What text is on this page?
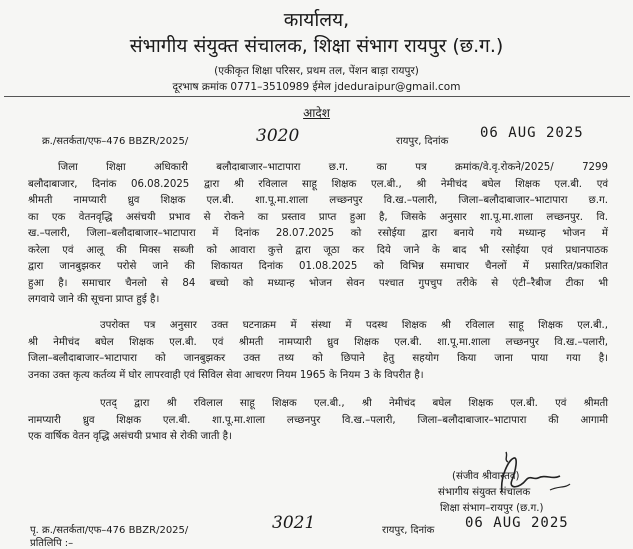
कार्यालय,
संभागीय संयुक्त संचालक, शिक्षा संभाग रायपुर (छ.ग.)
(एकीकृत शिक्षा परिसर, प्रथम तल, पेंशन बाड़ा रायपुर)
दूरभाष क्रमांक 0771–3510989 ईमेल jdeduraipur@gmail.com
आदेश
क्र./सतर्कता/एफ–476 BBZR/2025/	3020	रायपुर, दिनांक
06 AUG 2025
जिला शिक्षा अधिकारी बलौदाबाजार–भाटापारा छ.ग. का पत्र क्रमांक/वे.वृ.रोकने/2025/ 7299
बलौदाबाजार, दिनांक 06.08.2025 द्वारा श्री रविलाल साहू शिक्षक एल.बी., श्री नेमीचंद बघेल शिक्षक एल.बी. एवं
श्रीमती नामप्यारी ध्रुव शिक्षक एल.बी. शा.पू.मा.शाला लच्छनपुर वि.ख.–पलारी, जिला–बलौदाबाजार–भाटापारा छ.ग.
का एक वेतनवृद्धि असंचयी प्रभाव से रोकने का प्रस्ताव प्राप्त हुआ है, जिसके अनुसार शा.पू.मा.शाला लच्छनपुर. वि.
ख.–पलारी, जिला–बलौदाबाजार–भाटापारा में दिनांक 28.07.2025 को रसोईया द्वारा बनाये गये मध्यान्ह भोजन में
करेला एवं आलू की मिक्स सब्जी को आवारा कुत्ते द्वारा जूठा कर दिये जाने के बाद भी रसोईया एवं प्रधानपाठक
द्वारा जानबुझकर परोसे जाने की शिकायत दिनांक 01.08.2025 को विभिन्न समाचार चैनलों में प्रसारित/प्रकाशित
हुआ है। समाचार चैनलो से 84 बच्चो को मध्यान्ह भोजन सेवन पश्चात गुपचुप तरीके से एंटी–रैबीज टीका भी
लगवाये जाने की सूचना प्राप्त हुई है।
उपरोक्त पत्र अनुसार उक्त घटनाक्रम में संस्था में पदस्थ शिक्षक श्री रविलाल साहू शिक्षक एल.बी.,
श्री नेमीचंद बघेल शिक्षक एल.बी. एवं श्रीमती नामप्यारी ध्रुव शिक्षक एल.बी. शा.पू.मा.शाला लच्छनपुर वि.ख.–पलारी,
जिला–बलौदाबाजार–भाटापारा को जानबुझकर उक्त तथ्य को छिपाने हेतु सहयोग किया जाना पाया गया है।
उनका उक्त कृत्य कर्तव्य में घोर लापरवाही एवं सिविल सेवा आचरण नियम 1965 के नियम 3 के विपरीत है।
एतद् द्वारा श्री रविलाल साहू शिक्षक एल.बी., श्री नेमीचंद बघेल शिक्षक एल.बी. एवं श्रीमती
नामप्यारी ध्रुव शिक्षक एल.बी. शा.पू.मा.शाला लच्छनपुर वि.ख.–पलारी, जिला–बलौदाबाजार–भाटापारा की आगामी
एक वार्षिक वेतन वृद्धि असंचयी प्रभाव से रोकी जाती है।
(संजीव श्रीवास्तव)
संभागीय संयुक्त संचालक
शिक्षा संभाग–रायपुर (छ.ग.)
पृ. क्र./सतर्कता/एफ–476 BBZR/2025/	3021	रायपुर, दिनांक 06 AUG 2025
प्रतिलिपि :–
